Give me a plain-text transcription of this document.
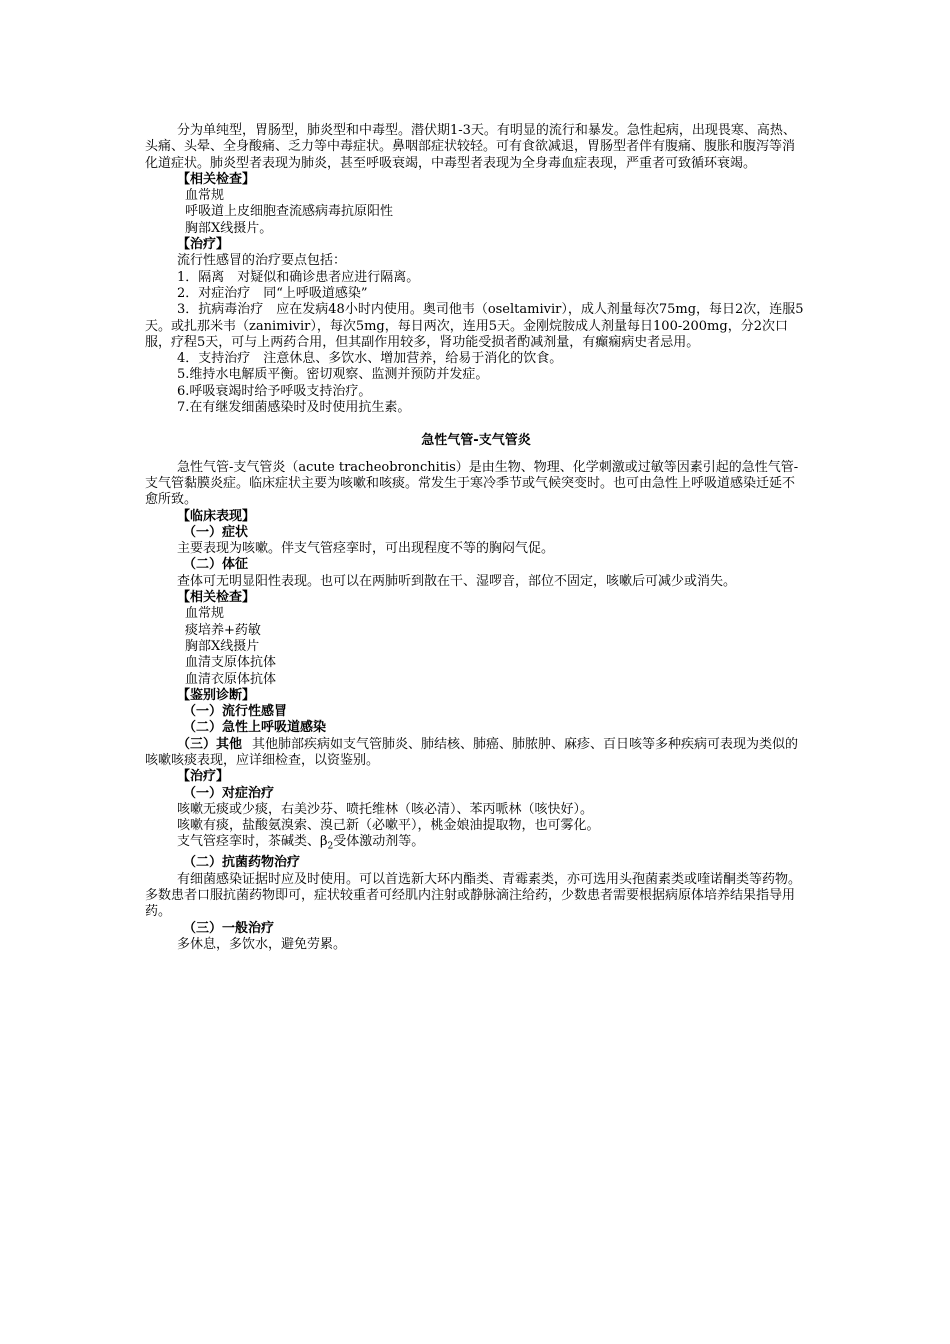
分为单纯型，胃肠型，肺炎型和中毒型。潜伏期1-3天。有明显的流行和暴发。急性起病，出现畏寒、高热、头痛、头晕、全身酸痛、乏力等中毒症状。鼻咽部症状较轻。可有食欲减退，胃肠型者伴有腹痛、腹胀和腹泻等消化道症状。肺炎型者表现为肺炎，甚至呼吸衰竭，中毒型者表现为全身毒血症表现，严重者可致循环衰竭。

【相关检查】

血常规

呼吸道上皮细胞查流感病毒抗原阳性

胸部X线摄片。

【治疗】

流行性感冒的治疗要点包括：

1．隔离　对疑似和确诊患者应进行隔离。

2．对症治疗　同“上呼吸道感染”

3．抗病毒治疗　应在发病48小时内使用。奥司他韦（oseltamivir），成人剂量每次75mg，每日2次，连服5天。或扎那米韦（zanimivir），每次5mg，每日两次，连用5天。金刚烷胺成人剂量每日100-200mg，分2次口服，疗程5天，可与上两药合用，但其副作用较多，肾功能受损者酌减剂量，有癫痫病史者忌用。

4．支持治疗　注意休息、多饮水、增加营养，给易于消化的饮食。

5.维持水电解质平衡。密切观察、监测并预防并发症。

6.呼吸衰竭时给予呼吸支持治疗。

7.在有继发细菌感染时及时使用抗生素。

急性气管-支气管炎

急性气管-支气管炎（acute tracheobronchitis）是由生物、物理、化学刺激或过敏等因素引起的急性气管-支气管黏膜炎症。临床症状主要为咳嗽和咳痰。常发生于寒冷季节或气候突变时。也可由急性上呼吸道感染迁延不愈所致。

【临床表现】

（一）症状

主要表现为咳嗽。伴支气管痉挛时，可出现程度不等的胸闷气促。

（二）体征

查体可无明显阳性表现。也可以在两肺听到散在干、湿啰音，部位不固定，咳嗽后可减少或消失。

【相关检查】

血常规

痰培养+药敏

胸部X线摄片

血清支原体抗体

血清衣原体抗体

【鉴别诊断】

（一）流行性感冒

（二）急性上呼吸道感染

（三）其他 其他肺部疾病如支气管肺炎、肺结核、肺癌、肺脓肿、麻疹、百日咳等多种疾病可表现为类似的咳嗽咳痰表现，应详细检查，以资鉴别。

【治疗】

（一）对症治疗

咳嗽无痰或少痰，右美沙芬、喷托维林（咳必清）、苯丙哌林（咳快好）。

咳嗽有痰，盐酸氨溴索、溴己新（必嗽平），桃金娘油提取物，也可雾化。

支气管痉挛时，茶碱类、$\beta_2$受体激动剂等。

（二）抗菌药物治疗

有细菌感染证据时应及时使用。可以首选新大环内酯类、青霉素类，亦可选用头孢菌素类或喹诺酮类等药物。多数患者口服抗菌药物即可，症状较重者可经肌内注射或静脉滴注给药，少数患者需要根据病原体培养结果指导用药。

（三）一般治疗

多休息，多饮水，避免劳累。
